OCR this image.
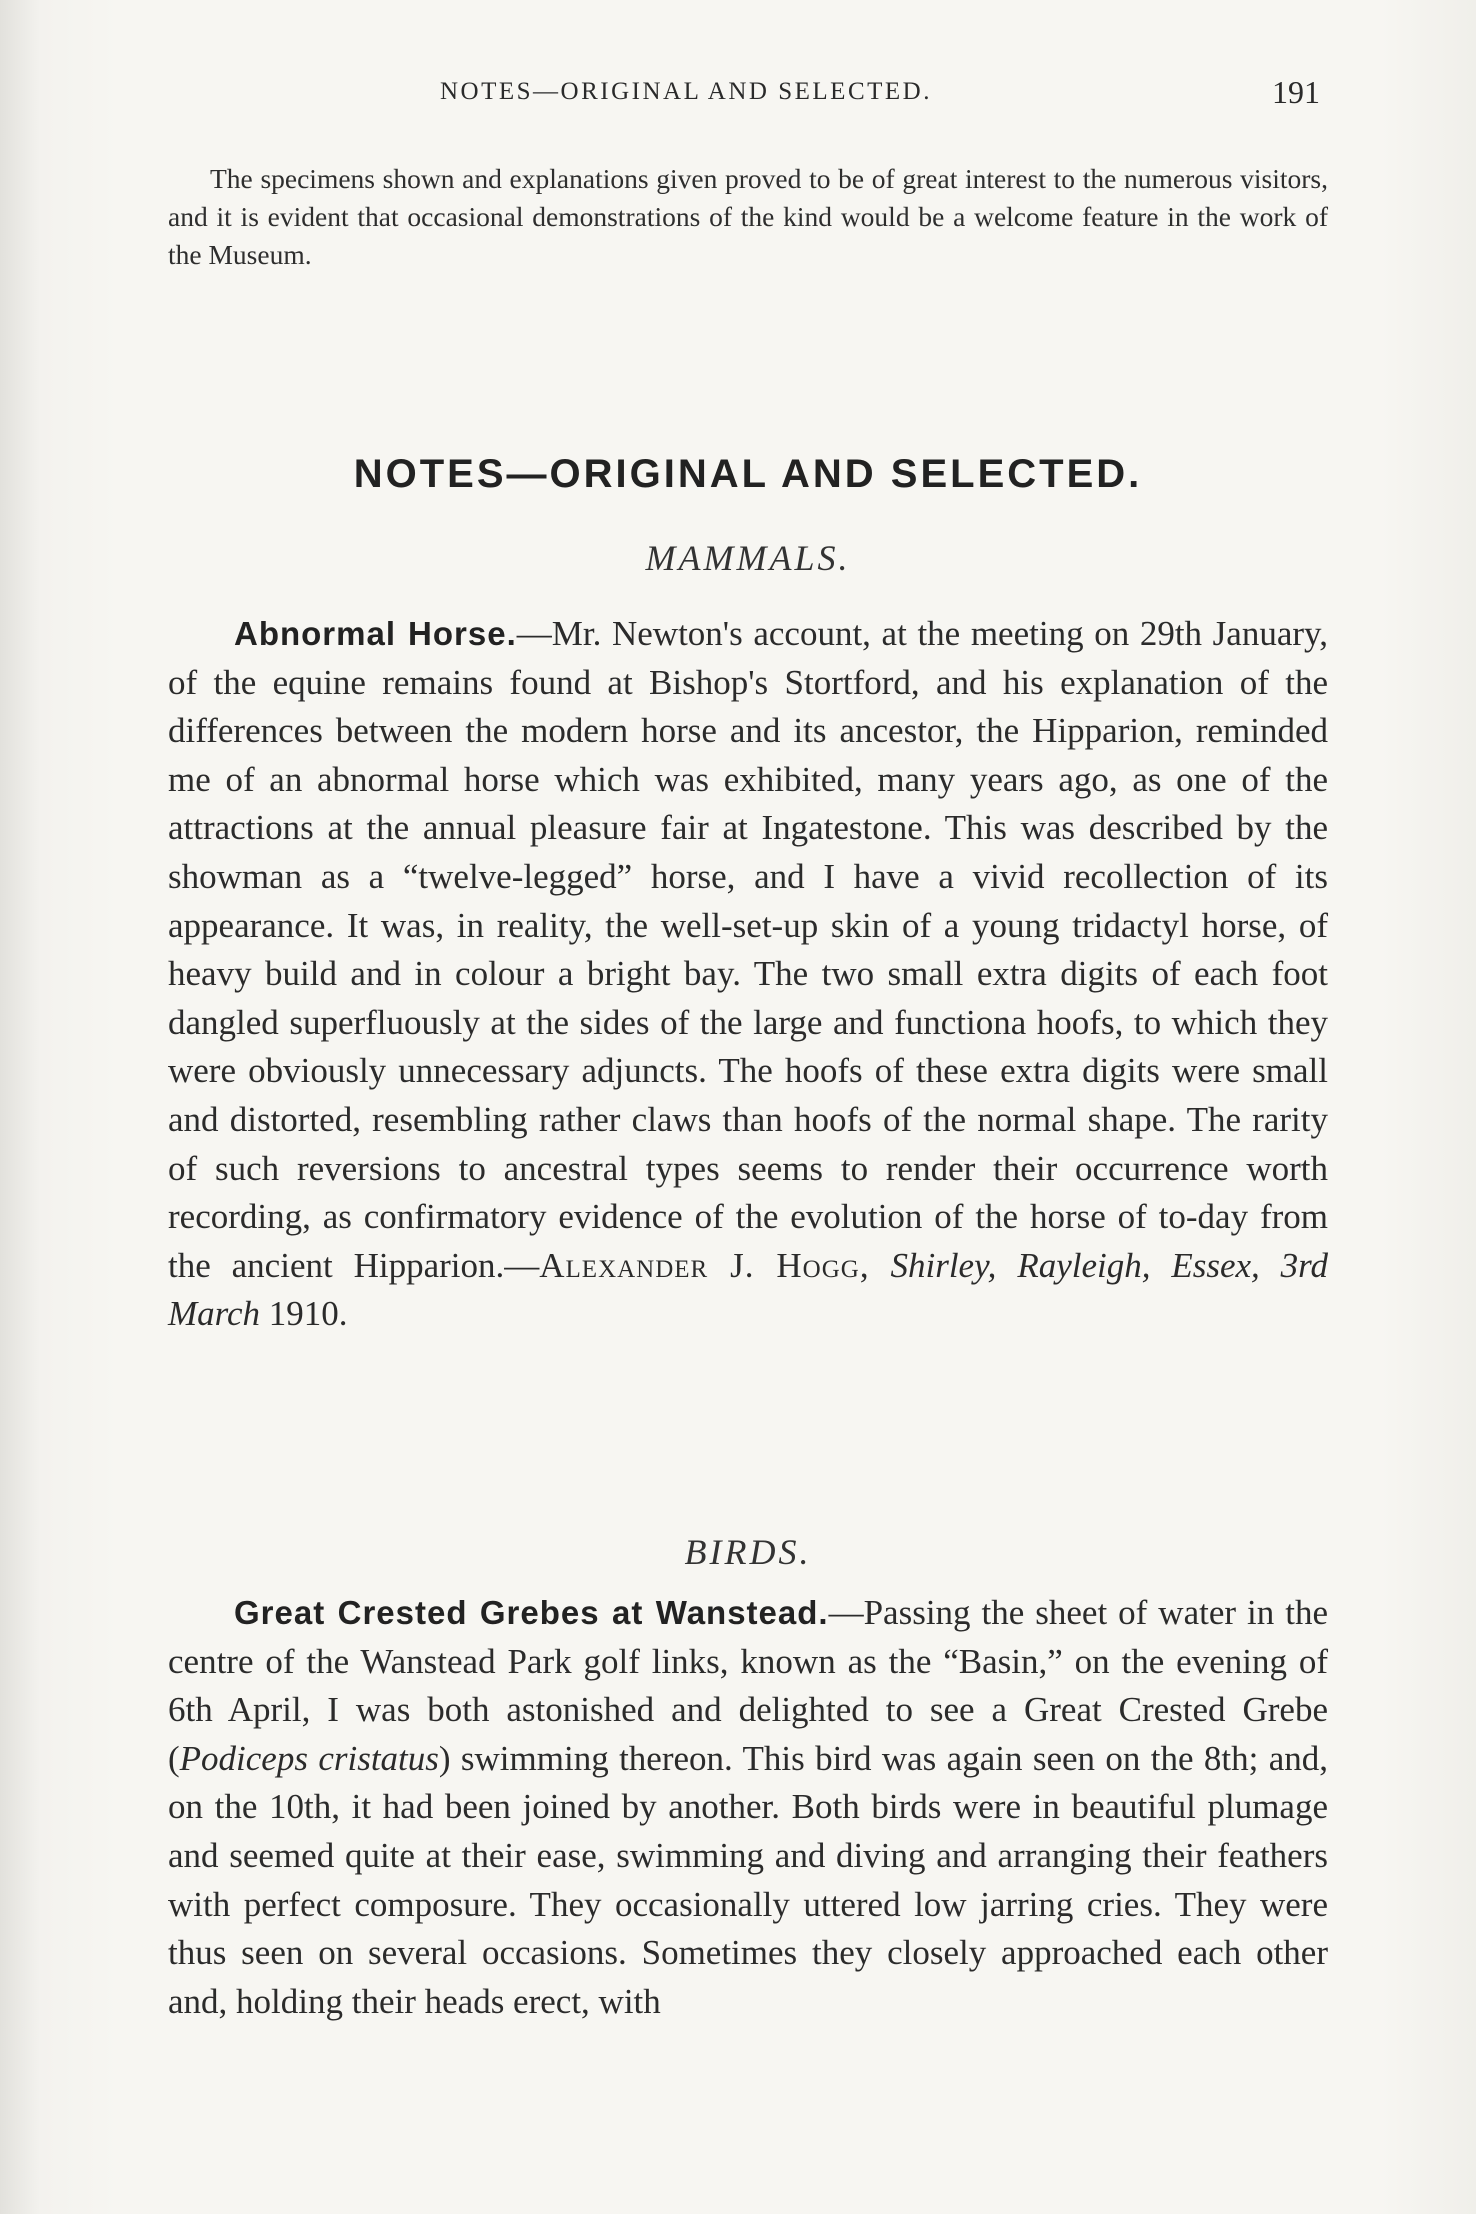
NOTES—ORIGINAL AND SELECTED.	191

The specimens shown and explanations given proved to be of great interest to the numerous visitors, and it is evident that occasional demonstrations of the kind would be a welcome feature in the work of the Museum.

NOTES—ORIGINAL AND SELECTED.
MAMMALS.

Abnormal Horse.—Mr. Newton's account, at the meeting on 29th January, of the equine remains found at Bishop's Stortford, and his explanation of the differences between the modern horse and its ancestor, the Hipparion, reminded me of an abnormal horse which was exhibited, many years ago, as one of the attractions at the annual pleasure fair at Ingatestone. This was described by the showman as a “twelve-legged” horse, and I have a vivid recollection of its appearance. It was, in reality, the well-set-up skin of a young tridactyl horse, of heavy build and in colour a bright bay. The two small extra digits of each foot dangled superfluously at the sides of the large and functiona hoofs, to which they were obviously unnecessary adjuncts. The hoofs of these extra digits were small and distorted, resembling rather claws than hoofs of the normal shape. The rarity of such reversions to ancestral types seems to render their occurrence worth recording, as confirmatory evidence of the evolution of the horse of to-day from the ancient Hipparion.—Alexander J. Hogg, Shirley, Rayleigh, Essex, 3rd March 1910.

BIRDS.

Great Crested Grebes at Wanstead.—Passing the sheet of water in the centre of the Wanstead Park golf links, known as the “Basin,” on the evening of 6th April, I was both astonished and delighted to see a Great Crested Grebe (Podiceps cristatus) swimming thereon. This bird was again seen on the 8th; and, on the 10th, it had been joined by another. Both birds were in beautiful plumage and seemed quite at their ease, swimming and diving and arranging their feathers with perfect composure. They occasionally uttered low jarring cries. They were thus seen on several occasions. Sometimes they closely approached each other and, holding their heads erect, with
